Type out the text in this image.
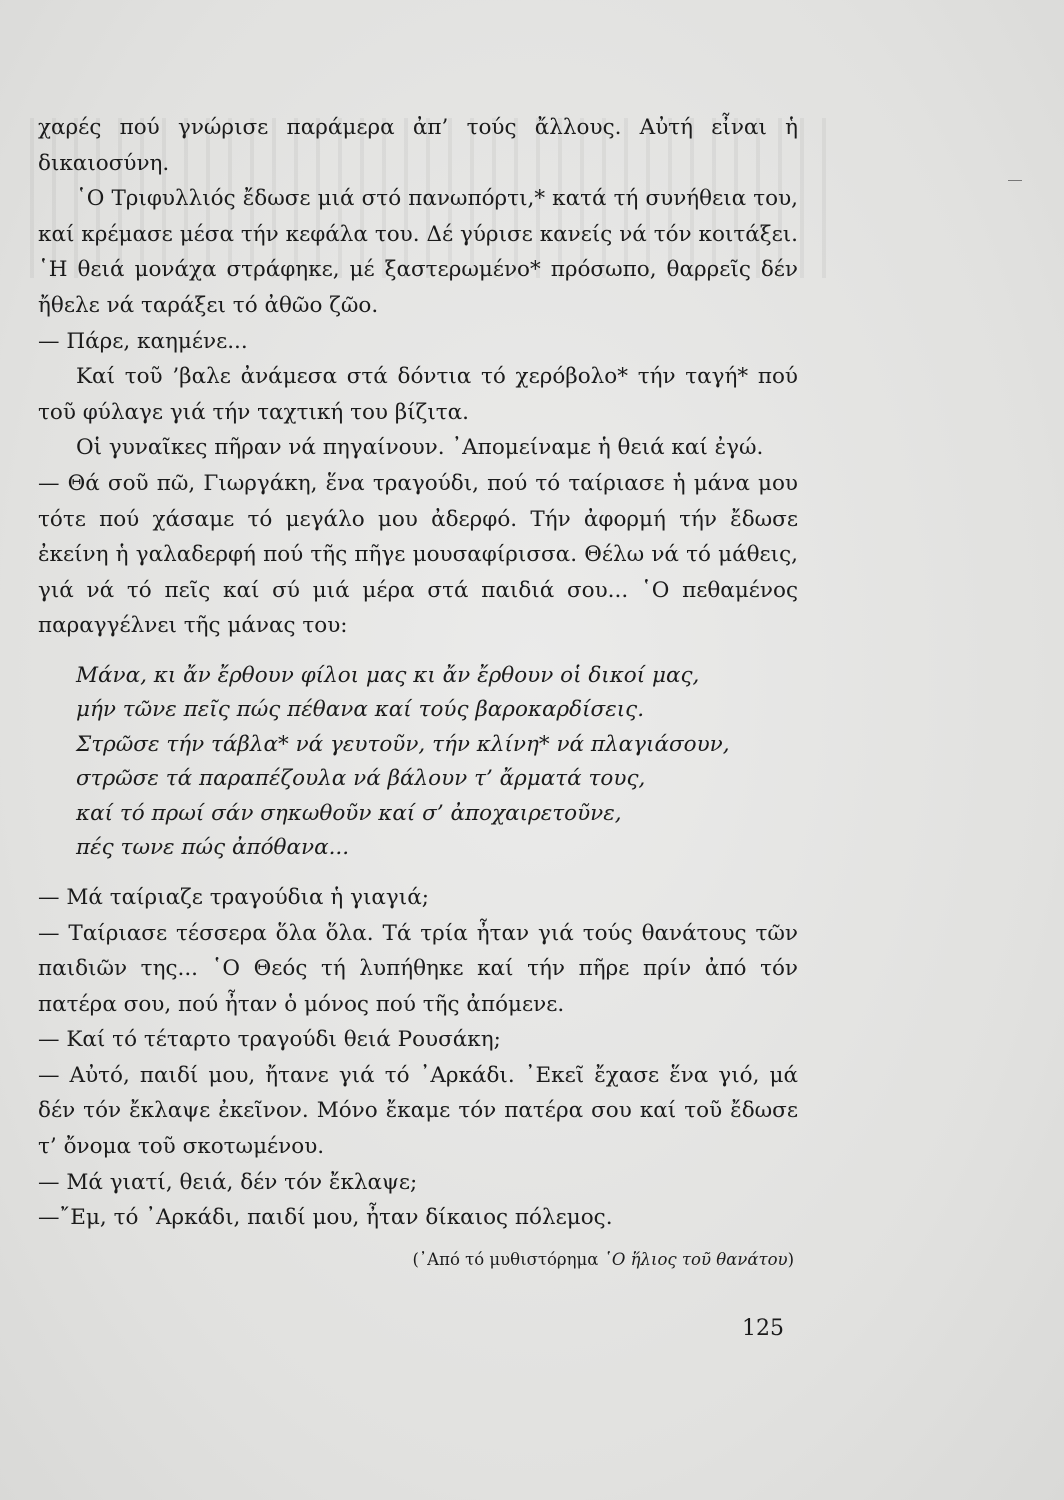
χαρές πού γνώρισε παράμερα ἀπ’ τούς ἄλλους. Αὐτή εἶναι ἡ δικαιοσύνη.

῾Ο Τριφυλλιός ἔδωσε μιά στό πανωπόρτι,* κατά τή συνήθεια του, καί κρέμασε μέσα τήν κεφάλα του. Δέ γύρισε κανείς νά τόν κοιτάξει. ῾Η θειά μονάχα στράφηκε, μέ ξαστερωμένο* πρόσωπο, θαρρεῖς δέν ἤθελε νά ταράξει τό ἀθῶο ζῶο.

— Πάρε, καημένε...

Καί τοῦ ’βαλε ἀνάμεσα στά δόντια τό χερόβολο* τήν ταγή* πού τοῦ φύλαγε γιά τήν ταχτική του βίζιτα.

Οἱ γυναῖκες πῆραν νά πηγαίνουν. ᾿Απομείναμε ἡ θειά καί ἐγώ.

— Θά σοῦ πῶ, Γιωργάκη, ἕνα τραγούδι, πού τό ταίριασε ἡ μάνα μου τότε πού χάσαμε τό μεγάλο μου ἀδερφό. Τήν ἀφορμή τήν ἔδωσε ἐκείνη ἡ γαλαδερφή πού τῆς πῆγε μουσαφίρισσα. Θέλω νά τό μάθεις, γιά νά τό πεῖς καί σύ μιά μέρα στά παιδιά σου... ῾Ο πεθαμένος παραγγέλνει τῆς μάνας του:

Μάνα, κι ἄν ἔρθουν φίλοι μας κι ἄν ἔρθουν οἱ δικοί μας,
μήν τῶνε πεῖς πώς πέθανα καί τούς βαροκαρδίσεις.
Στρῶσε τήν τάβλα* νά γευτοῦν, τήν κλίνη* νά πλαγιάσουν,
στρῶσε τά παραπέζουλα νά βάλουν τ’ ἄρματά τους,
καί τό πρωί σάν σηκωθοῦν καί σ’ ἀποχαιρετοῦνε,
πές τωνε πώς ἀπόθανα...

— Μά ταίριαζε τραγούδια ἡ γιαγιά;

— Ταίριασε τέσσερα ὅλα ὅλα. Τά τρία ἦταν γιά τούς θανάτους τῶν παιδιῶν της... ῾Ο Θεός τή λυπήθηκε καί τήν πῆρε πρίν ἀπό τόν πατέρα σου, πού ἦταν ὁ μόνος πού τῆς ἀπόμενε.

— Καί τό τέταρτο τραγούδι θειά Ρουσάκη;

— Αὐτό, παιδί μου, ἤτανε γιά τό ᾿Αρκάδι. ᾿Εκεῖ ἔχασε ἕνα γιό, μά δέν τόν ἔκλαψε ἐκεῖνον. Μόνο ἔκαμε τόν πατέρα σου καί τοῦ ἔδωσε τ’ ὄνομα τοῦ σκοτωμένου.

— Μά γιατί, θειά, δέν τόν ἔκλαψε;

—῎Εμ, τό ᾿Αρκάδι, παιδί μου, ἦταν δίκαιος πόλεμος.

(᾿Από τό μυθιστόρημα ῾Ο ἥλιος τοῦ θανάτου)
125
